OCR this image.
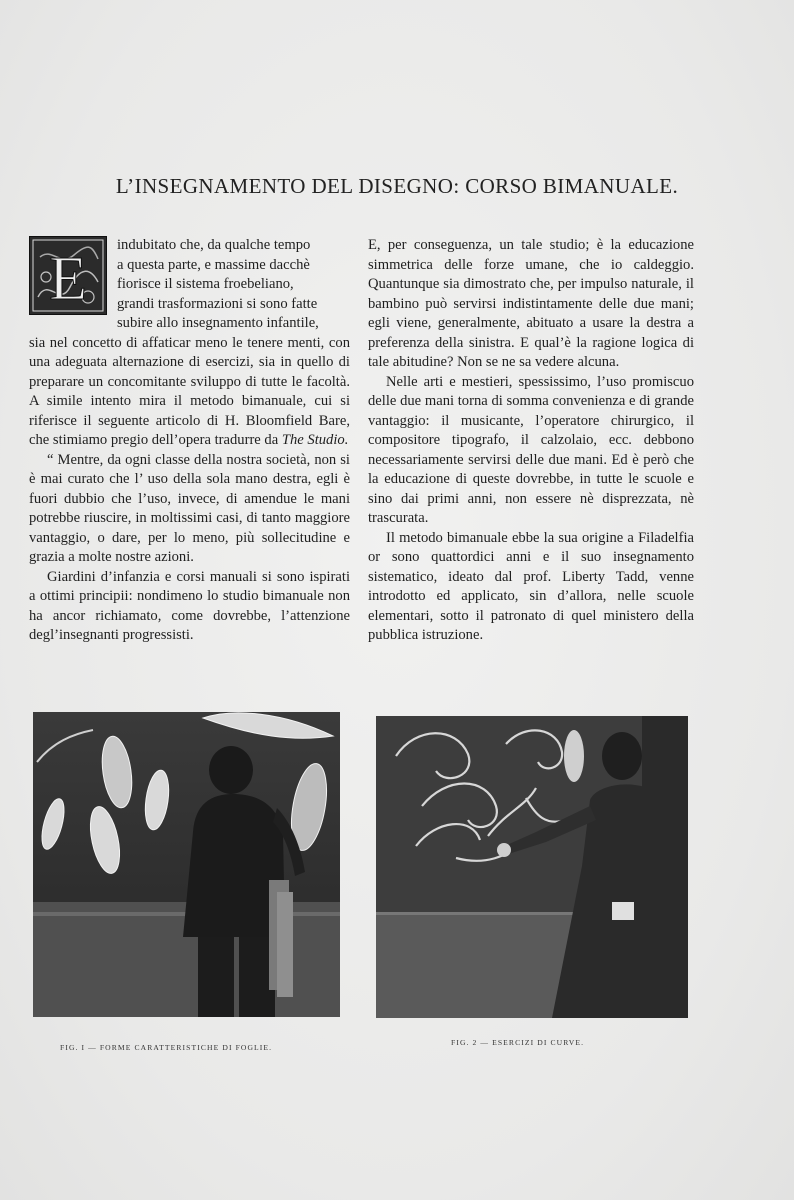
L’INSEGNAMENTO DEL DISEGNO: CORSO BIMANUALE.

E	indubitato che, da qualche tempo
a questa parte, e massime dacchè
fiorisce il sistema froebeliano,
grandi trasformazioni si sono fatte
subire allo insegnamento infantile,
sia nel concetto di affaticar meno le tenere menti, con una adeguata alternazione di esercizi, sia in quello di preparare un concomitante sviluppo di tutte le facoltà. A simile intento mira il metodo bimanuale, cui si riferisce il seguente articolo di H. Bloomfield Bare, che stimiamo pregio dell’opera tradurre da The Studio.

“ Mentre, da ogni classe della nostra società, non si è mai curato che l’ uso della sola mano destra, egli è fuori dubbio che l’uso, invece, di amendue le mani potrebbe riuscire, in moltissimi casi, di tanto maggiore vantaggio, o dare, per lo meno, più sollecitudine e grazia a molte nostre azioni.

Giardini d’infanzia e corsi manuali si sono ispirati a ottimi principii: nondimeno lo studio bimanuale non ha ancor richiamato, come dovrebbe, l’attenzione degl’insegnanti progressisti.

E, per conseguenza, un tale studio; è la educazione simmetrica delle forze umane, che io caldeggio. Quantunque sia dimostrato che, per impulso naturale, il bambino può servirsi indistintamente delle due mani; egli viene, generalmente, abituato a usare la destra a preferenza della sinistra. E qual’è la ragione logica di tale abitudine? Non se ne sa vedere alcuna.

Nelle arti e mestieri, spessissimo, l’uso promiscuo delle due mani torna di somma convenienza e di grande vantaggio: il musicante, l’operatore chirurgico, il compositore tipografo, il calzolaio, ecc. debbono necessariamente servirsi delle due mani. Ed è però che la educazione di queste dovrebbe, in tutte le scuole e sino dai primi anni, non essere nè disprezzata, nè trascurata.

Il metodo bimanuale ebbe la sua origine a Filadelfia or sono quattordici anni e il suo insegnamento sistematico, ideato dal prof. Liberty Tadd, venne introdotto ed applicato, sin d’allora, nelle scuole elementari, sotto il patronato di quel ministero della pubblica istruzione.

FIG. I — FORME CARATTERISTICHE DI FOGLIE.
FIG. 2 — ESERCIZI DI CURVE.
